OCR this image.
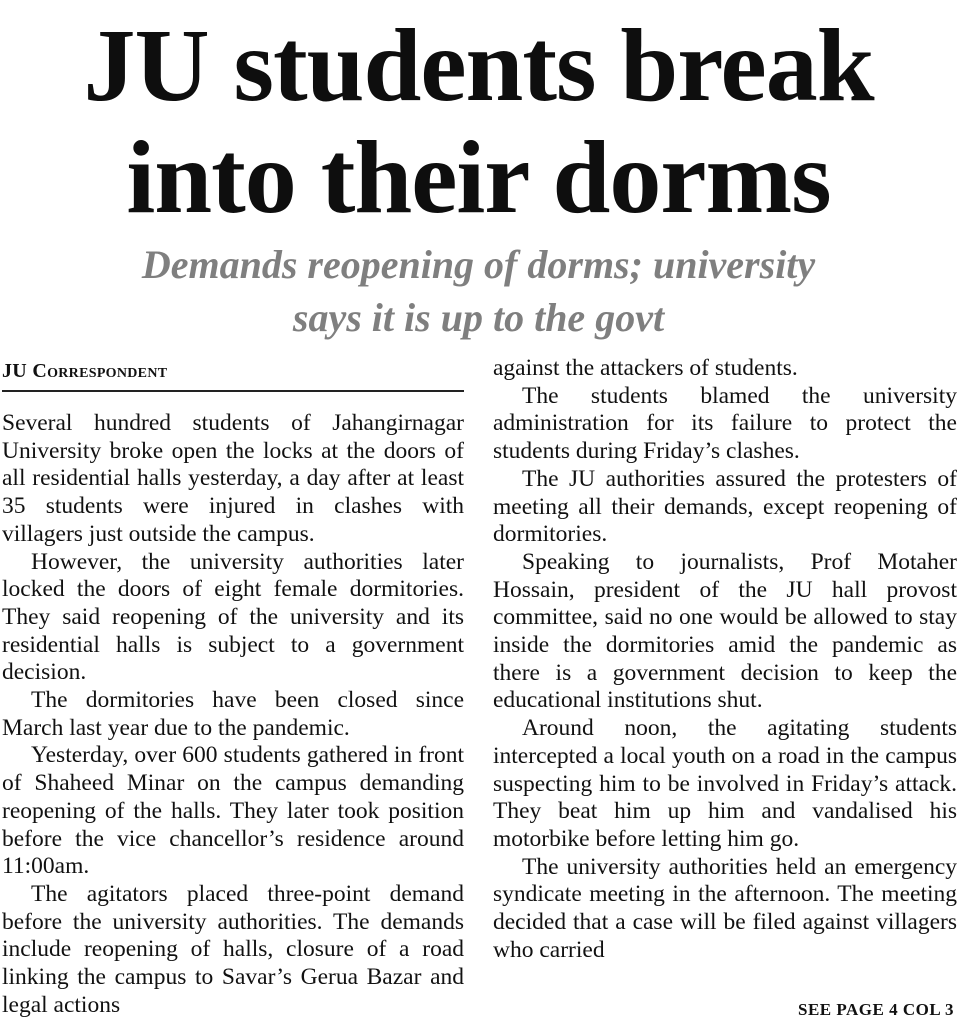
JU students break
into their dorms
Demands reopening of dorms; university
says it is up to the govt
JU Correspondent

Several hundred students of Jahangirnagar University broke open the locks at the doors of all residential halls yesterday, a day after at least 35 students were injured in clashes with villagers just outside the campus.

However, the university authorities later locked the doors of eight female dormitories. They said reopening of the university and its residential halls is subject to a government decision.

The dormitories have been closed since March last year due to the pandemic.

Yesterday, over 600 students gathered in front of Shaheed Minar on the campus demanding reopening of the halls. They later took position before the vice chancellor’s residence around 11:00am.

The agitators placed three-point demand before the university authorities. The demands include reopening of halls, closure of a road linking the campus to Savar’s Gerua Bazar and legal actions

against the attackers of students.

The students blamed the university administration for its failure to protect the students during Friday’s clashes.

The JU authorities assured the protesters of meeting all their demands, except reopening of dormitories.

Speaking to journalists, Prof Motaher Hossain, president of the JU hall provost committee, said no one would be allowed to stay inside the dormitories amid the pandemic as there is a government decision to keep the educational institutions shut.

Around noon, the agitating students intercepted a local youth on a road in the campus suspecting him to be involved in Friday’s attack. They beat him up him and vandalised his motorbike before letting him go.

The university authorities held an emergency syndicate meeting in the afternoon. The meeting decided that a case will be filed against villagers who carried

SEE PAGE 4 COL 3
